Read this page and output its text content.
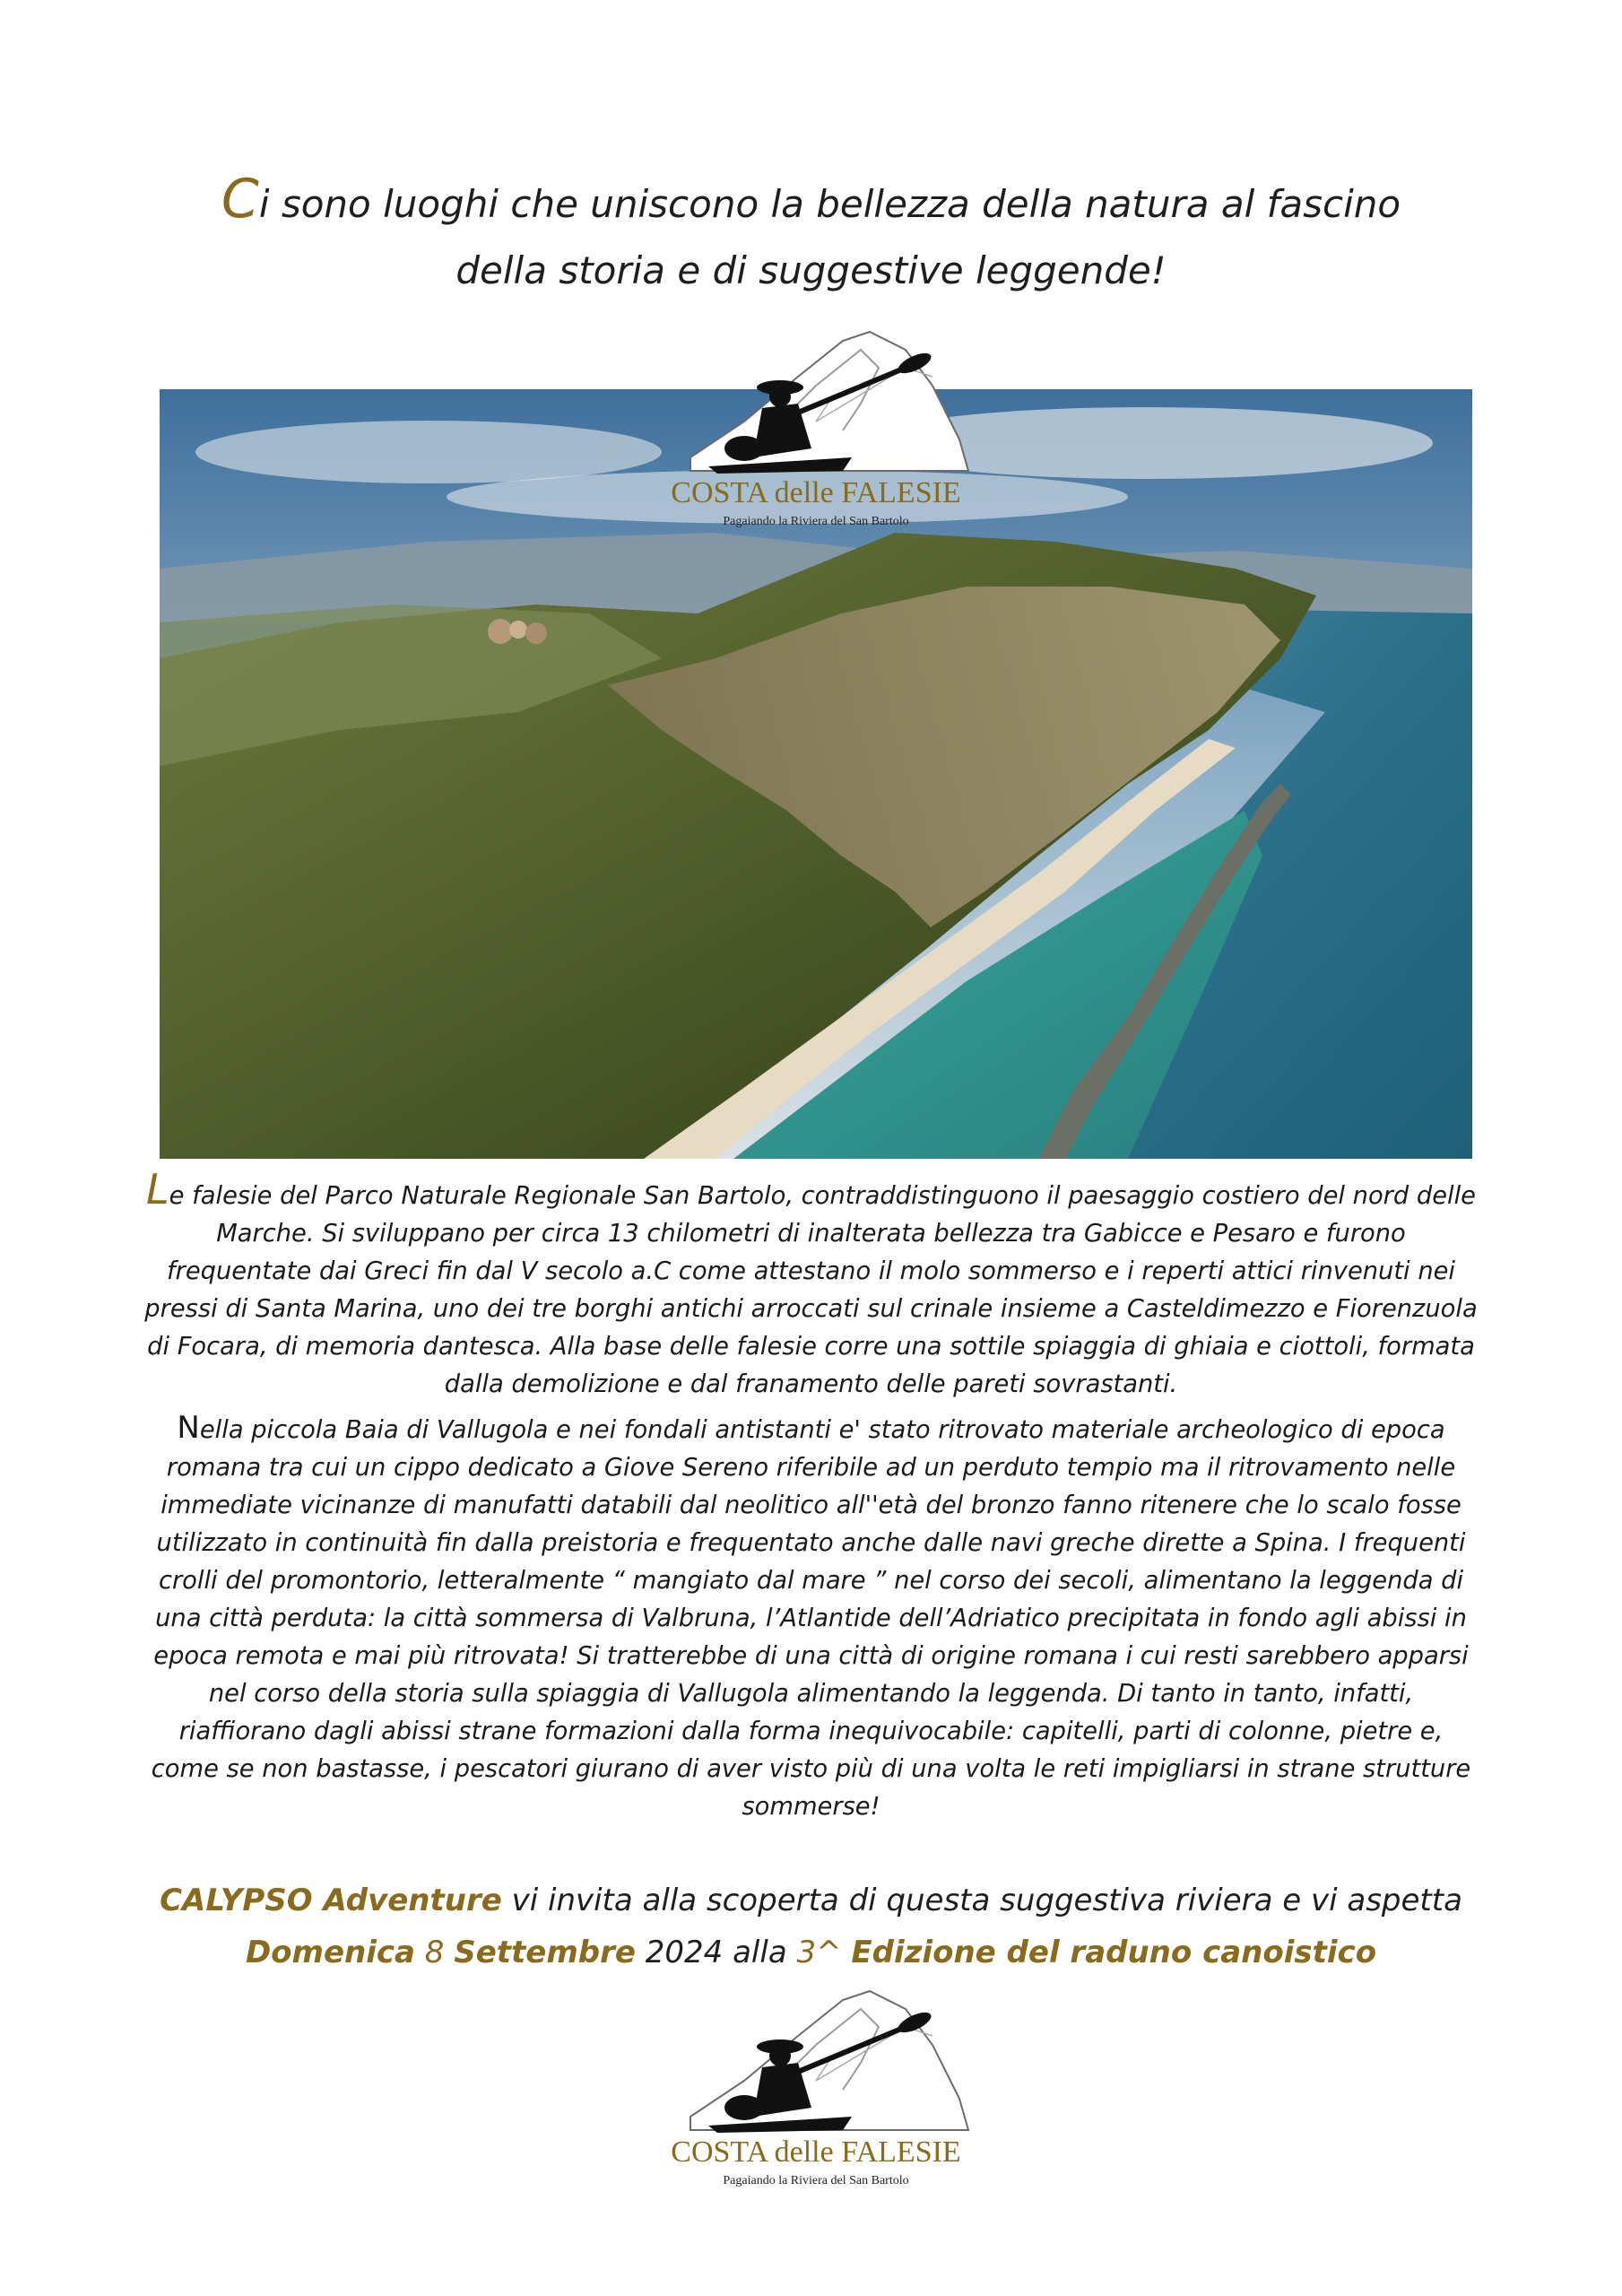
Ci sono luoghi che uniscono la bellezza della natura al fascino
della storia e di suggestive leggende!
COSTA delle FALESIE
Pagaiando la Riviera del San Bartolo

Le falesie del Parco Naturale Regionale San Bartolo, contraddistinguono il paesaggio costiero del nord delle Marche. Si sviluppano per circa 13 chilometri di inalterata bellezza tra Gabicce e Pesaro e furono frequentate dai Greci fin dal V secolo a.C come attestano il molo sommerso e i reperti attici rinvenuti nei pressi di Santa Marina, uno dei tre borghi antichi arroccati sul crinale insieme a Casteldimezzo e Fiorenzuola di Focara, di memoria dantesca. Alla base delle falesie corre una sottile spiaggia di ghiaia e ciottoli, formata dalla demolizione e dal franamento delle pareti sovrastanti.

Nella piccola Baia di Vallugola e nei fondali antistanti e' stato ritrovato materiale archeologico di epoca romana tra cui un cippo dedicato a Giove Sereno riferibile ad un perduto tempio ma il ritrovamento nelle immediate vicinanze di manufatti databili dal neolitico all''età del bronzo fanno ritenere che lo scalo fosse utilizzato in continuità fin dalla preistoria e frequentato anche dalle navi greche dirette a Spina. I frequenti crolli del promontorio, letteralmente “ mangiato dal mare ” nel corso dei secoli, alimentano la leggenda di una città perduta: la città sommersa di Valbruna, l’Atlantide dell’Adriatico precipitata in fondo agli abissi in epoca remota e mai più ritrovata! Si tratterebbe di una città di origine romana i cui resti sarebbero apparsi nel corso della storia sulla spiaggia di Vallugola alimentando la leggenda. Di tanto in tanto, infatti, riaffiorano dagli abissi strane formazioni dalla forma inequivocabile: capitelli, parti di colonne, pietre e, come se non bastasse, i pescatori giurano di aver visto più di una volta le reti impigliarsi in strane strutture sommerse!

CALYPSO Adventure vi invita alla scoperta di questa suggestiva riviera e vi aspetta
Domenica 8 Settembre 2024 alla 3^ Edizione del raduno canoistico
COSTA delle FALESIE
Pagaiando la Riviera del San Bartolo
